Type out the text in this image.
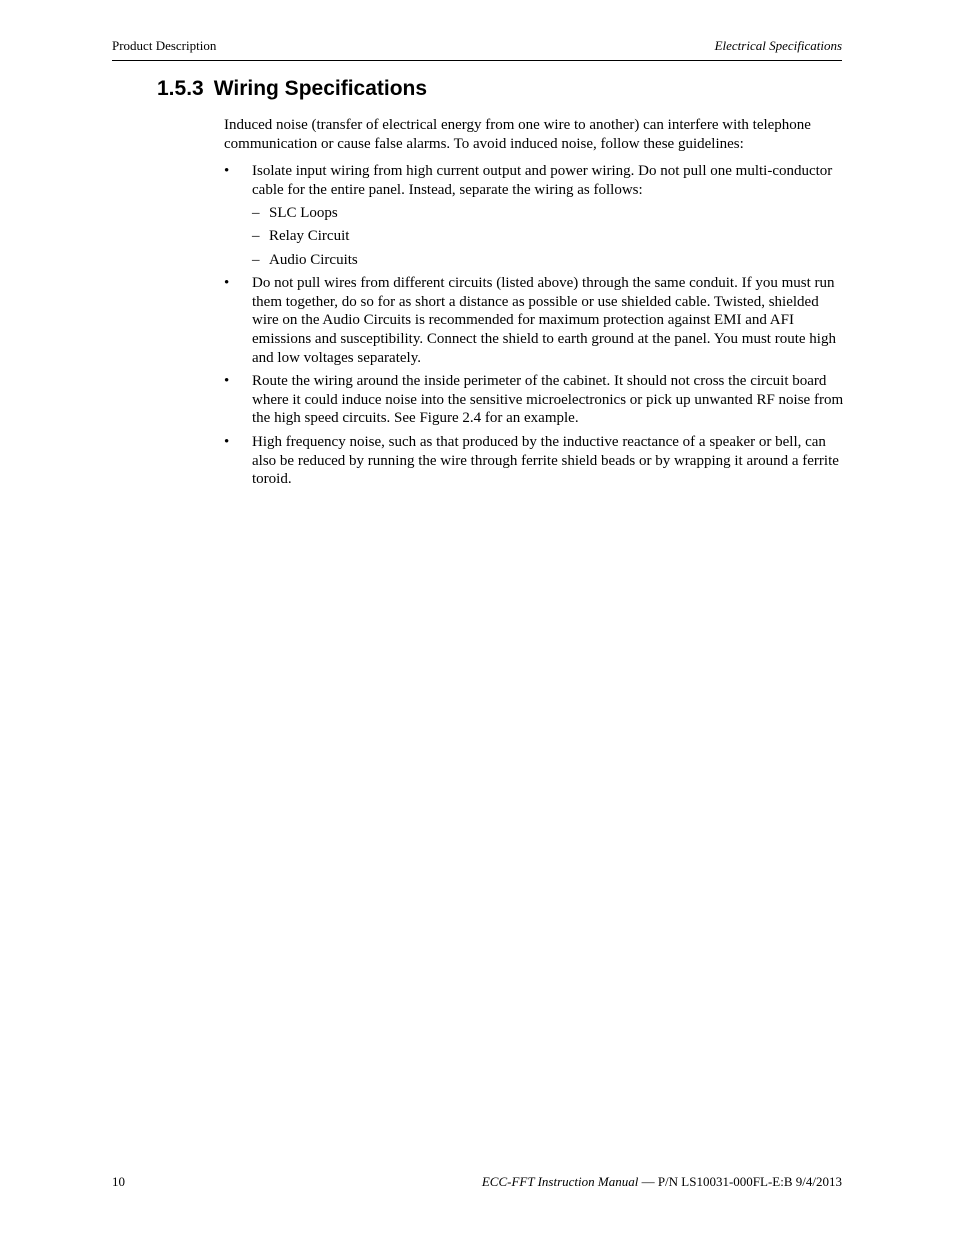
Product Description	Electrical Specifications
1.5.3 Wiring Specifications

Induced noise (transfer of electrical energy from one wire to another) can interfere with telephone communication or cause false alarms. To avoid induced noise, follow these guidelines:

• Isolate input wiring from high current output and power wiring. Do not pull one multi-conductor cable for the entire panel. Instead, separate the wiring as follows:
– SLC Loops
– Relay Circuit
– Audio Circuits
• Do not pull wires from different circuits (listed above) through the same conduit. If you must run them together, do so for as short a distance as possible or use shielded cable. Twisted, shielded wire on the Audio Circuits is recommended for maximum protection against EMI and AFI emissions and susceptibility. Connect the shield to earth ground at the panel. You must route high and low voltages separately.
• Route the wiring around the inside perimeter of the cabinet. It should not cross the circuit board where it could induce noise into the sensitive microelectronics or pick up unwanted RF noise from the high speed circuits. See Figure 2.4 for an example.
• High frequency noise, such as that produced by the inductive reactance of a speaker or bell, can also be reduced by running the wire through ferrite shield beads or by wrapping it around a ferrite toroid.
10	ECC-FFT Instruction Manual — P/N LS10031-000FL-E:B 9/4/2013
